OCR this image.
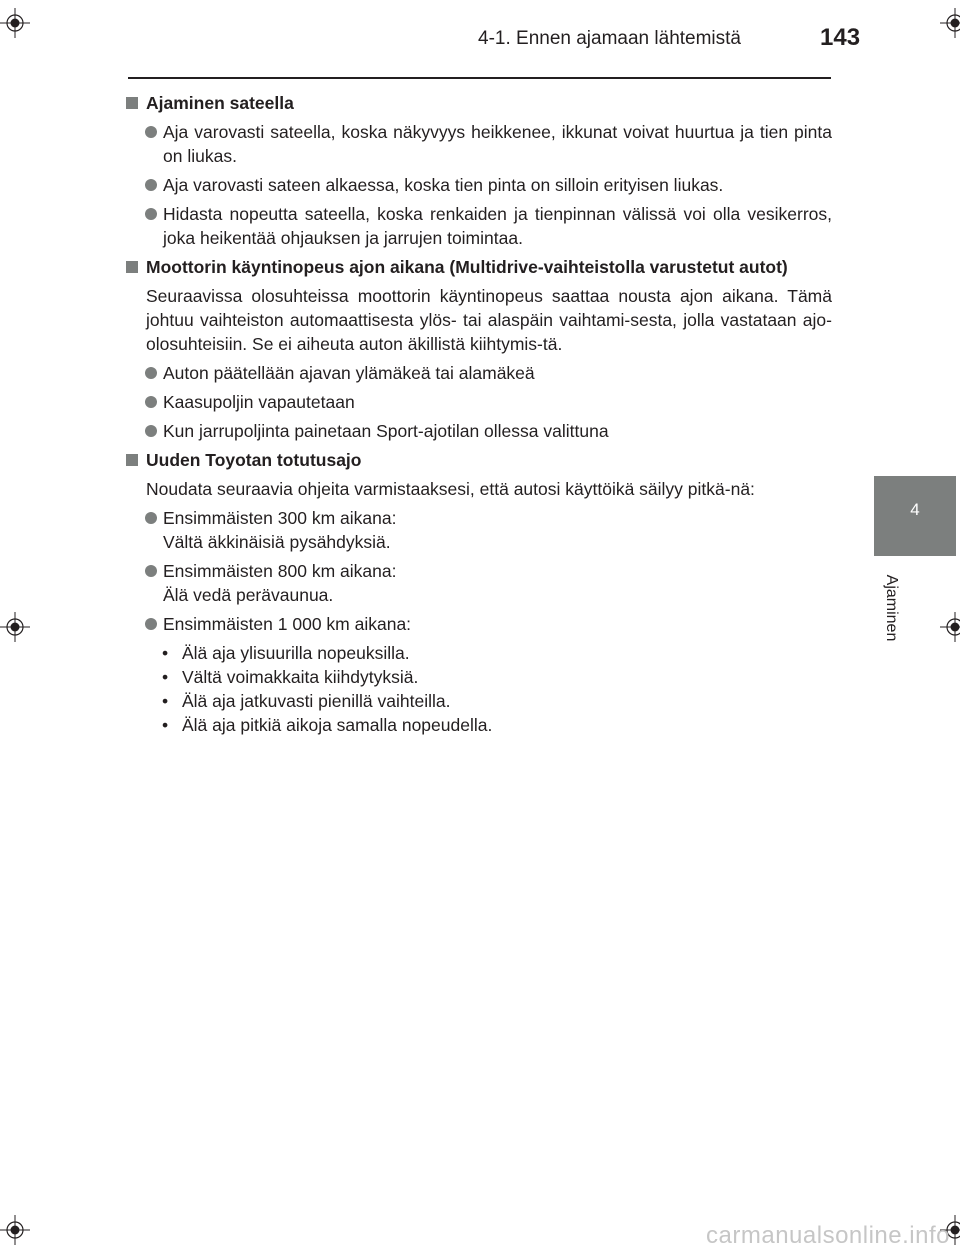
4-1. Ennen ajamaan lähtemistä	143
4
Ajaminen
Ajaminen sateella
Aja varovasti sateella, koska näkyvyys heikkenee, ikkunat voivat huurtua ja tien pinta on liukas.
Aja varovasti sateen alkaessa, koska tien pinta on silloin erityisen liukas.
Hidasta nopeutta sateella, koska renkaiden ja tienpinnan välissä voi olla vesikerros, joka heikentää ohjauksen ja jarrujen toimintaa.
Moottorin käyntinopeus ajon aikana (Multidrive-vaihteistolla varustetut autot)
Seuraavissa olosuhteissa moottorin käyntinopeus saattaa nousta ajon aikana. Tämä johtuu vaihteiston automaattisesta ylös- tai alaspäin vaihtami-sesta, jolla vastataan ajo-olosuhteisiin. Se ei aiheuta auton äkillistä kiihtymis-tä.
Auton päätellään ajavan ylämäkeä tai alamäkeä
Kaasupoljin vapautetaan
Kun jarrupoljinta painetaan Sport-ajotilan ollessa valittuna
Uuden Toyotan totutusajo
Noudata seuraavia ohjeita varmistaaksesi, että autosi käyttöikä säilyy pitkä-nä:
Ensimmäisten 300 km aikana:
Vältä äkkinäisiä pysähdyksiä.
Ensimmäisten 800 km aikana:
Älä vedä perävaunua.
Ensimmäisten 1 000 km aikana:
• Älä aja ylisuurilla nopeuksilla.
• Vältä voimakkaita kiihdytyksiä.
• Älä aja jatkuvasti pienillä vaihteilla.
• Älä aja pitkiä aikoja samalla nopeudella.
carmanualsonline.info
